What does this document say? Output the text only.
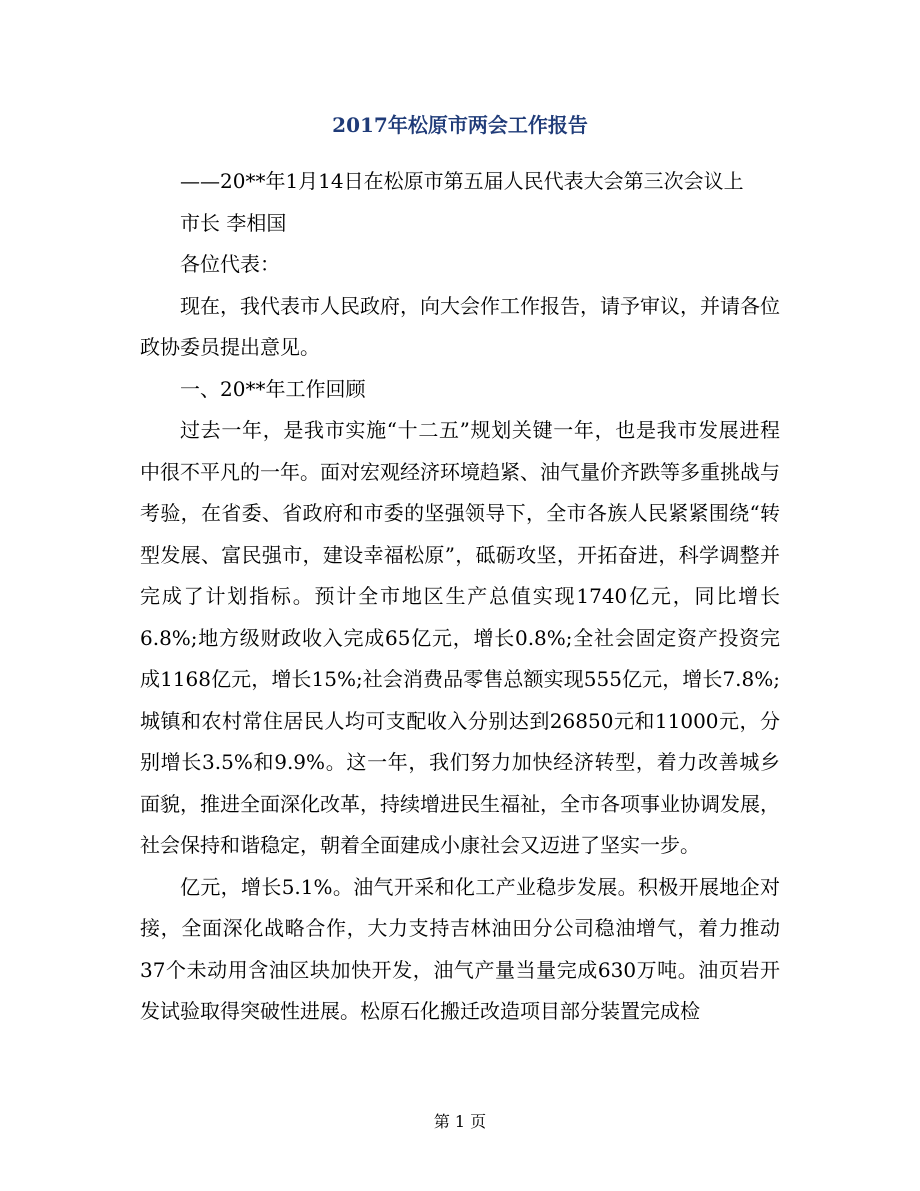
2017年松原市两会工作报告

——20**年1月14日在松原市第五届人民代表大会第三次会议上

市长 李相国

各位代表：

现在，我代表市人民政府，向大会作工作报告，请予审议，并请各位政协委员提出意见。

一、20**年工作回顾

过去一年，是我市实施“十二五”规划关键一年，也是我市发展进程中很不平凡的一年。面对宏观经济环境趋紧、油气量价齐跌等多重挑战与考验，在省委、省政府和市委的坚强领导下，全市各族人民紧紧围绕“转型发展、富民强市，建设幸福松原”，砥砺攻坚，开拓奋进，科学调整并完成了计划指标。预计全市地区生产总值实现1740亿元，同比增长6.8%;地方级财政收入完成65亿元，增长0.8%;全社会固定资产投资完成1168亿元，增长15%;社会消费品零售总额实现555亿元，增长7.8%;城镇和农村常住居民人均可支配收入分别达到26850元和11000元，分别增长3.5%和9.9%。这一年，我们努力加快经济转型，着力改善城乡面貌，推进全面深化改革，持续增进民生福祉，全市各项事业协调发展，社会保持和谐稳定，朝着全面建成小康社会又迈进了坚实一步。

亿元，增长5.1%。油气开采和化工产业稳步发展。积极开展地企对接，全面深化战略合作，大力支持吉林油田分公司稳油增气，着力推动37个未动用含油区块加快开发，油气产量当量完成630万吨。油页岩开发试验取得突破性进展。松原石化搬迁改造项目部分装置完成检

第 1 页
